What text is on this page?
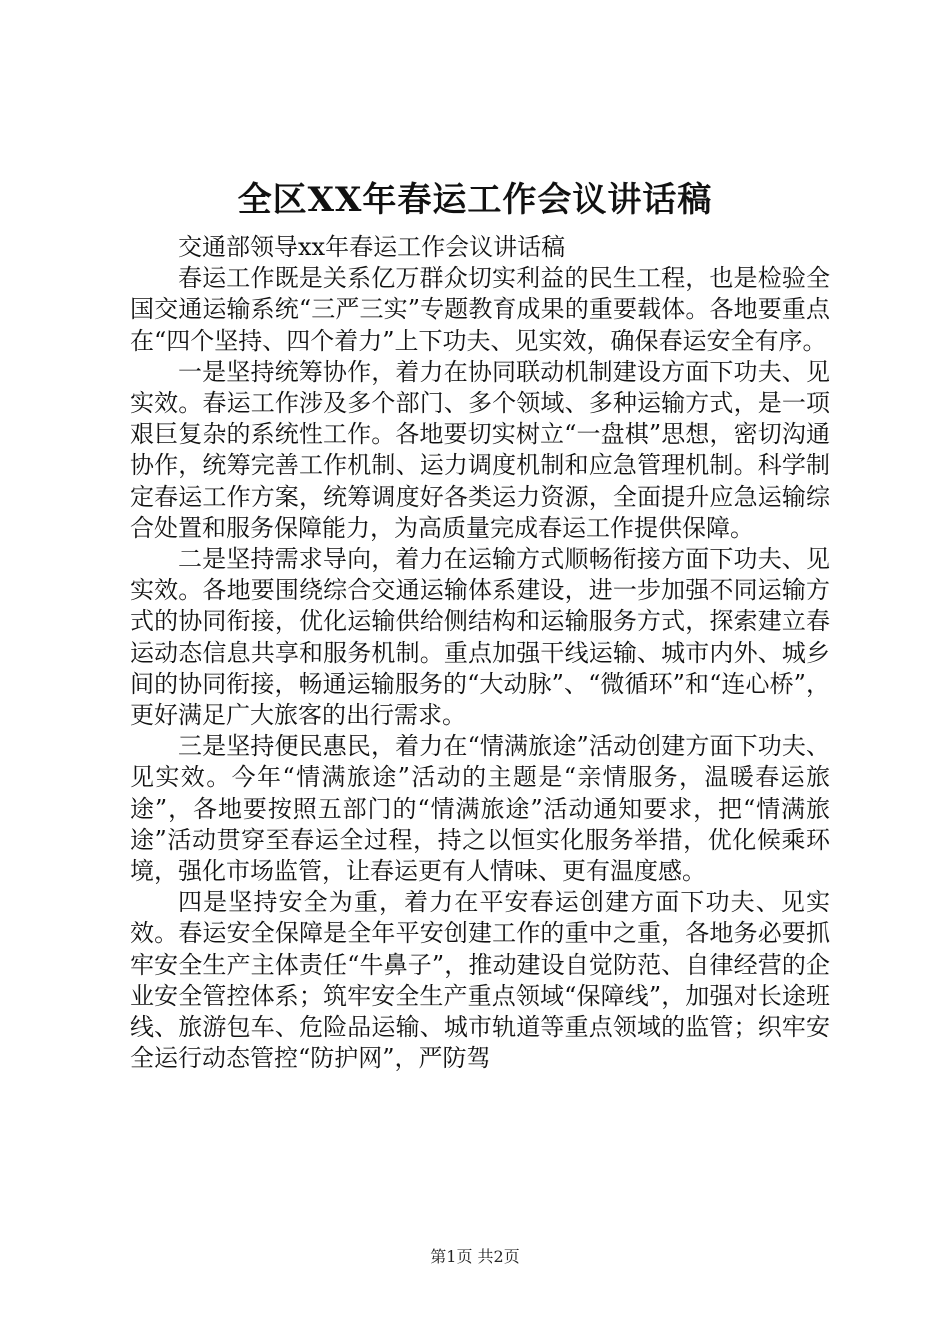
全区XX年春运工作会议讲话稿

交通部领导xx年春运工作会议讲话稿

春运工作既是关系亿万群众切实利益的民生工程，也是检验全国交通运输系统“三严三实”专题教育成果的重要载体。各地要重点在“四个坚持、四个着力”上下功夫、见实效，确保春运安全有序。

一是坚持统筹协作，着力在协同联动机制建设方面下功夫、见实效。春运工作涉及多个部门、多个领域、多种运输方式，是一项艰巨复杂的系统性工作。各地要切实树立“一盘棋”思想，密切沟通协作，统筹完善工作机制、运力调度机制和应急管理机制。科学制定春运工作方案，统筹调度好各类运力资源，全面提升应急运输综合处置和服务保障能力，为高质量完成春运工作提供保障。

二是坚持需求导向，着力在运输方式顺畅衔接方面下功夫、见实效。各地要围绕综合交通运输体系建设，进一步加强不同运输方式的协同衔接，优化运输供给侧结构和运输服务方式，探索建立春运动态信息共享和服务机制。重点加强干线运输、城市内外、城乡间的协同衔接，畅通运输服务的“大动脉”、“微循环”和“连心桥”，更好满足广大旅客的出行需求。

三是坚持便民惠民，着力在“情满旅途”活动创建方面下功夫、见实效。今年“情满旅途”活动的主题是“亲情服务，温暖春运旅途”，各地要按照五部门的“情满旅途”活动通知要求，把“情满旅途”活动贯穿至春运全过程，持之以恒实化服务举措，优化候乘环境，强化市场监管，让春运更有人情味、更有温度感。

四是坚持安全为重，着力在平安春运创建方面下功夫、见实效。春运安全保障是全年平安创建工作的重中之重，各地务必要抓牢安全生产主体责任“牛鼻子”，推动建设自觉防范、自律经营的企业安全管控体系；筑牢安全生产重点领域“保障线”，加强对长途班线、旅游包车、危险品运输、城市轨道等重点领域的监管；织牢安全运行动态管控“防护网”，严防驾

第1页 共2页
